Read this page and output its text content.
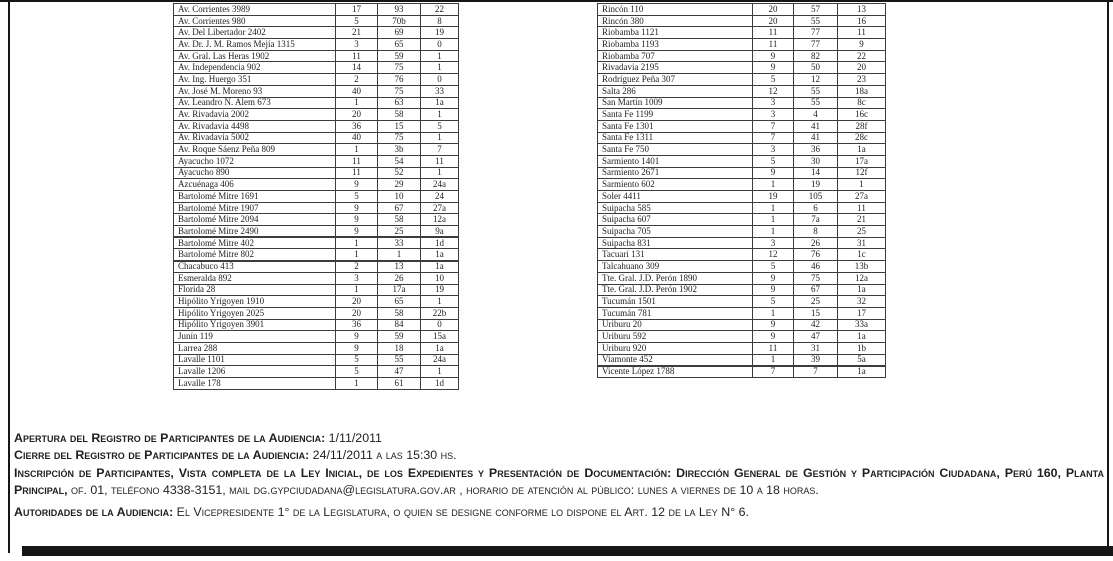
Av. Corrientes 3989	17	93	22
Av. Corrientes 980	5	70b	8
Av. Del Libertador 2402	21	69	19
Av. Dr. J. M. Ramos Mejía 1315	3	65	0
Av. Gral. Las Heras 1902	11	59	1
Av. Independencia 902	14	75	1
Av. Ing. Huergo 351	2	76	0
Av. José M. Moreno 93	40	75	33
Av. Leandro N. Alem 673	1	63	1a
Av. Rivadavia 2002	20	58	1
Av. Rivadavia 4498	36	15	5
Av. Rivadavia 5002	40	75	1
Av. Roque Sáenz Peña 809	1	3b	7
Ayacucho 1072	11	54	11
Ayacucho 890	11	52	1
Azcuénaga 406	9	29	24a
Bartolomé Mitre 1691	5	10	24
Bartolomé Mitre 1907	9	67	27a
Bartolomé Mitre 2094	9	58	12a
Bartolomé Mitre 2490	9	25	9a
Bartolomé Mitre 402	1	33	1d
Bartolomé Mitre 802	1	1	1a
Chacabuco 413	2	13	1a
Esmeralda 892	3	26	10
Florida 28	1	17a	19
Hipólito Yrigoyen 1910	20	65	1
Hipólito Yrigoyen 2025	20	58	22b
Hipólito Yrigoyen 3901	36	84	0
Junín 119	9	59	15a
Larrea 288	9	18	1a
Lavalle 1101	5	55	24a
Lavalle 1206	5	47	1
Lavalle 178	1	61	1d
Rincón 110	20	57	13
Rincón 380	20	55	16
Riobamba 1121	11	77	11
Riobamba 1193	11	77	9
Riobamba 707	9	82	22
Rivadavia 2195	9	50	20
Rodríguez Peña 307	5	12	23
Salta 286	12	55	18a
San Martín 1009	3	55	8c
Santa Fe 1199	3	4	16c
Santa Fe 1301	7	41	28f
Santa Fe 1311	7	41	28c
Santa Fe 750	3	36	1a
Sarmiento 1401	5	30	17a
Sarmiento 2671	9	14	12f
Sarmiento 602	1	19	1
Soler 4411	19	105	27a
Suipacha 585	1	6	11
Suipacha 607	1	7a	21
Suipacha 705	1	8	25
Suipacha 831	3	26	31
Tacuarí 131	12	76	1c
Talcahuano 309	5	46	13b
Tte. Gral. J.D. Perón 1890	9	75	12a
Tte. Gral. J.D. Perón 1902	9	67	1a
Tucumán 1501	5	25	32
Tucumán 781	1	15	17
Uriburu 20	9	42	33a
Uriburu 592	9	47	1a
Uriburu 920	11	31	1b
Viamonte 452	1	39	5a
Vicente López 1788	7	7	1a

Apertura del Registro de Participantes de la Audiencia: 1/11/2011

Cierre del Registro de Participantes de la Audiencia: 24/11/2011 a las 15:30 hs.

Inscripción de Participantes, Vista completa de la Ley Inicial, de los Expedientes y Presentación de Documentación: Dirección General de Gestión y Participación Ciudadana, Perú 160, Planta Principal, of. 01, teléfono 4338-3151, mail dg.gypciudadana@legislatura.gov.ar , horario de atención al público: lunes a viernes de 10 a 18 horas.

Autoridades de la Audiencia: El Vicepresidente 1° de la Legislatura, o quien se designe conforme lo dispone el Art. 12 de la Ley N° 6.
